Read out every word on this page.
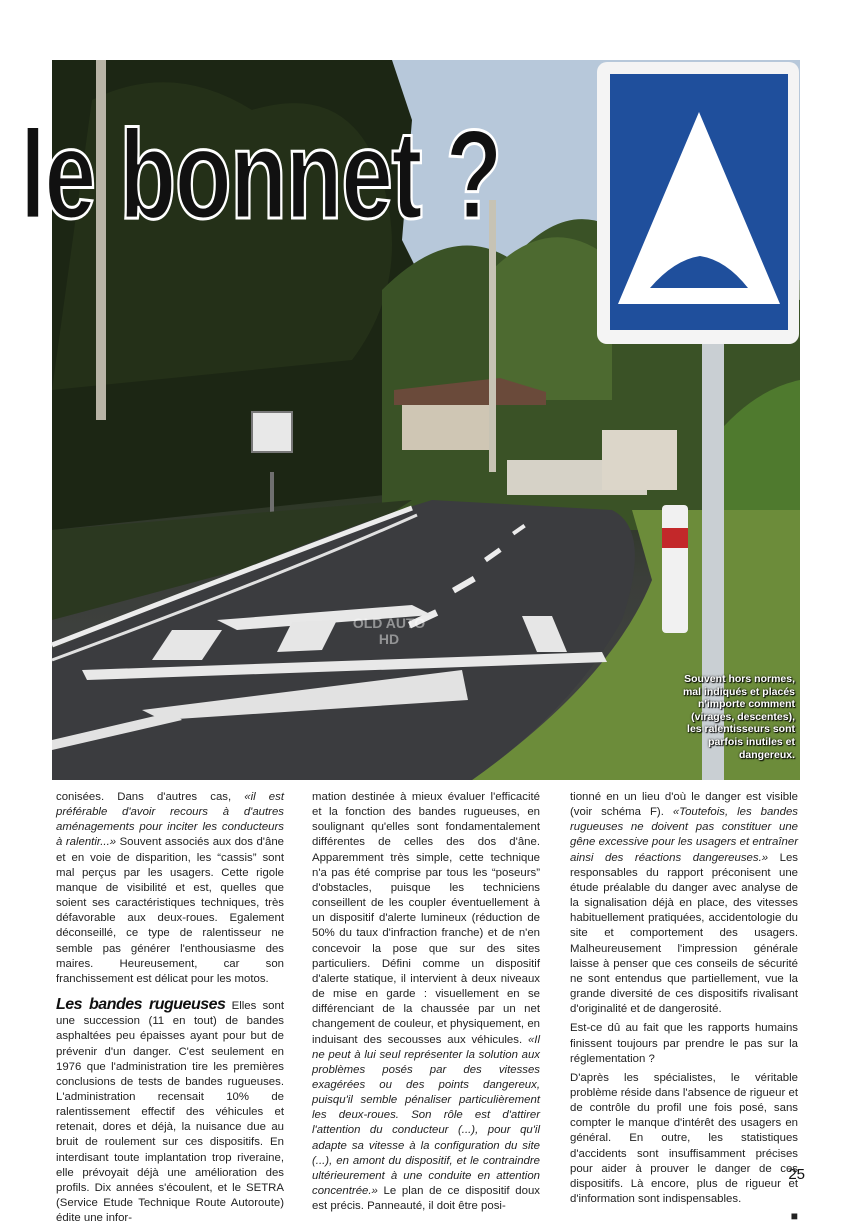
OLD AUTO HD
le bonnet ?
Souvent hors normes, mal indiqués et placés n'importe comment (virages, descentes), les ralentisseurs sont parfois inutiles et dangereux.

conisées. Dans d'autres cas, «il est préférable d'avoir recours à d'autres aménagements pour inciter les conducteurs à ralentir...» Souvent associés aux dos d'âne et en voie de disparition, les “cassis” sont mal perçus par les usagers. Cette rigole manque de visibilité et est, quelles que soient ses caractéristiques techniques, très défavorable aux deux-roues. Egalement déconseillé, ce type de ralentisseur ne semble pas générer l'enthousiasme des maires. Heureusement, car son franchissement est délicat pour les motos.

Les bandes rugueuses Elles sont une succession (11 en tout) de bandes asphaltées peu épaisses ayant pour but de prévenir d'un danger. C'est seulement en 1976 que l'administration tire les premières conclusions de tests de bandes rugueuses. L'administration recensait 10% de ralentissement effectif des véhicules et retenait, dores et déjà, la nuisance due au bruit de roulement sur ces dispositifs. En interdisant toute implantation trop riveraine, elle prévoyait déjà une amélioration des profils. Dix années s'écoulent, et le SETRA (Service Etude Technique Route Autoroute) édite une infor-

mation destinée à mieux évaluer l'efficacité et la fonction des bandes rugueuses, en soulignant qu'elles sont fondamentalement différentes de celles des dos d'âne. Apparemment très simple, cette technique n'a pas été comprise par tous les “poseurs” d'obstacles, puisque les techniciens conseillent de les coupler éventuellement à un dispositif d'alerte lumineux (réduction de 50% du taux d'infraction franche) et de n'en concevoir la pose que sur des sites particuliers. Défini comme un dispositif d'alerte statique, il intervient à deux niveaux de mise en garde : visuellement en se différenciant de la chaussée par un net changement de couleur, et physiquement, en induisant des secousses aux véhicules. «Il ne peut à lui seul représenter la solution aux problèmes posés par des vitesses exagérées ou des points dangereux, puisqu'il semble pénaliser particulièrement les deux-roues. Son rôle est d'attirer l'attention du conducteur (...), pour qu'il adapte sa vitesse à la configuration du site (...), en amont du dispositif, et le contraindre ultérieurement à une conduite en attention concentrée.» Le plan de ce dispositif doux est précis. Panneauté, il doit être posi-

tionné en un lieu d'où le danger est visible (voir schéma F). «Toutefois, les bandes rugueuses ne doivent pas constituer une gêne excessive pour les usagers et entraîner ainsi des réactions dangereuses.» Les responsables du rapport préconisent une étude préalable du danger avec analyse de la signalisation déjà en place, des vitesses habituellement pratiquées, accidentologie du site et comportement des usagers. Malheureusement l'impression générale laisse à penser que ces conseils de sécurité ne sont entendus que partiellement, vue la grande diversité de ces dispositifs rivalisant d'originalité et de dangerosité.

Est-ce dû au fait que les rapports humains finissent toujours par prendre le pas sur la réglementation ?

D'après les spécialistes, le véritable problème réside dans l'absence de rigueur et de contrôle du profil une fois posé, sans compter le manque d'intérêt des usagers en général. En outre, les statistiques d'accidents sont insuffisamment précises pour aider à prouver le danger de ces dispositifs. Là encore, plus de rigueur et d'information sont indispensables.

■
25
